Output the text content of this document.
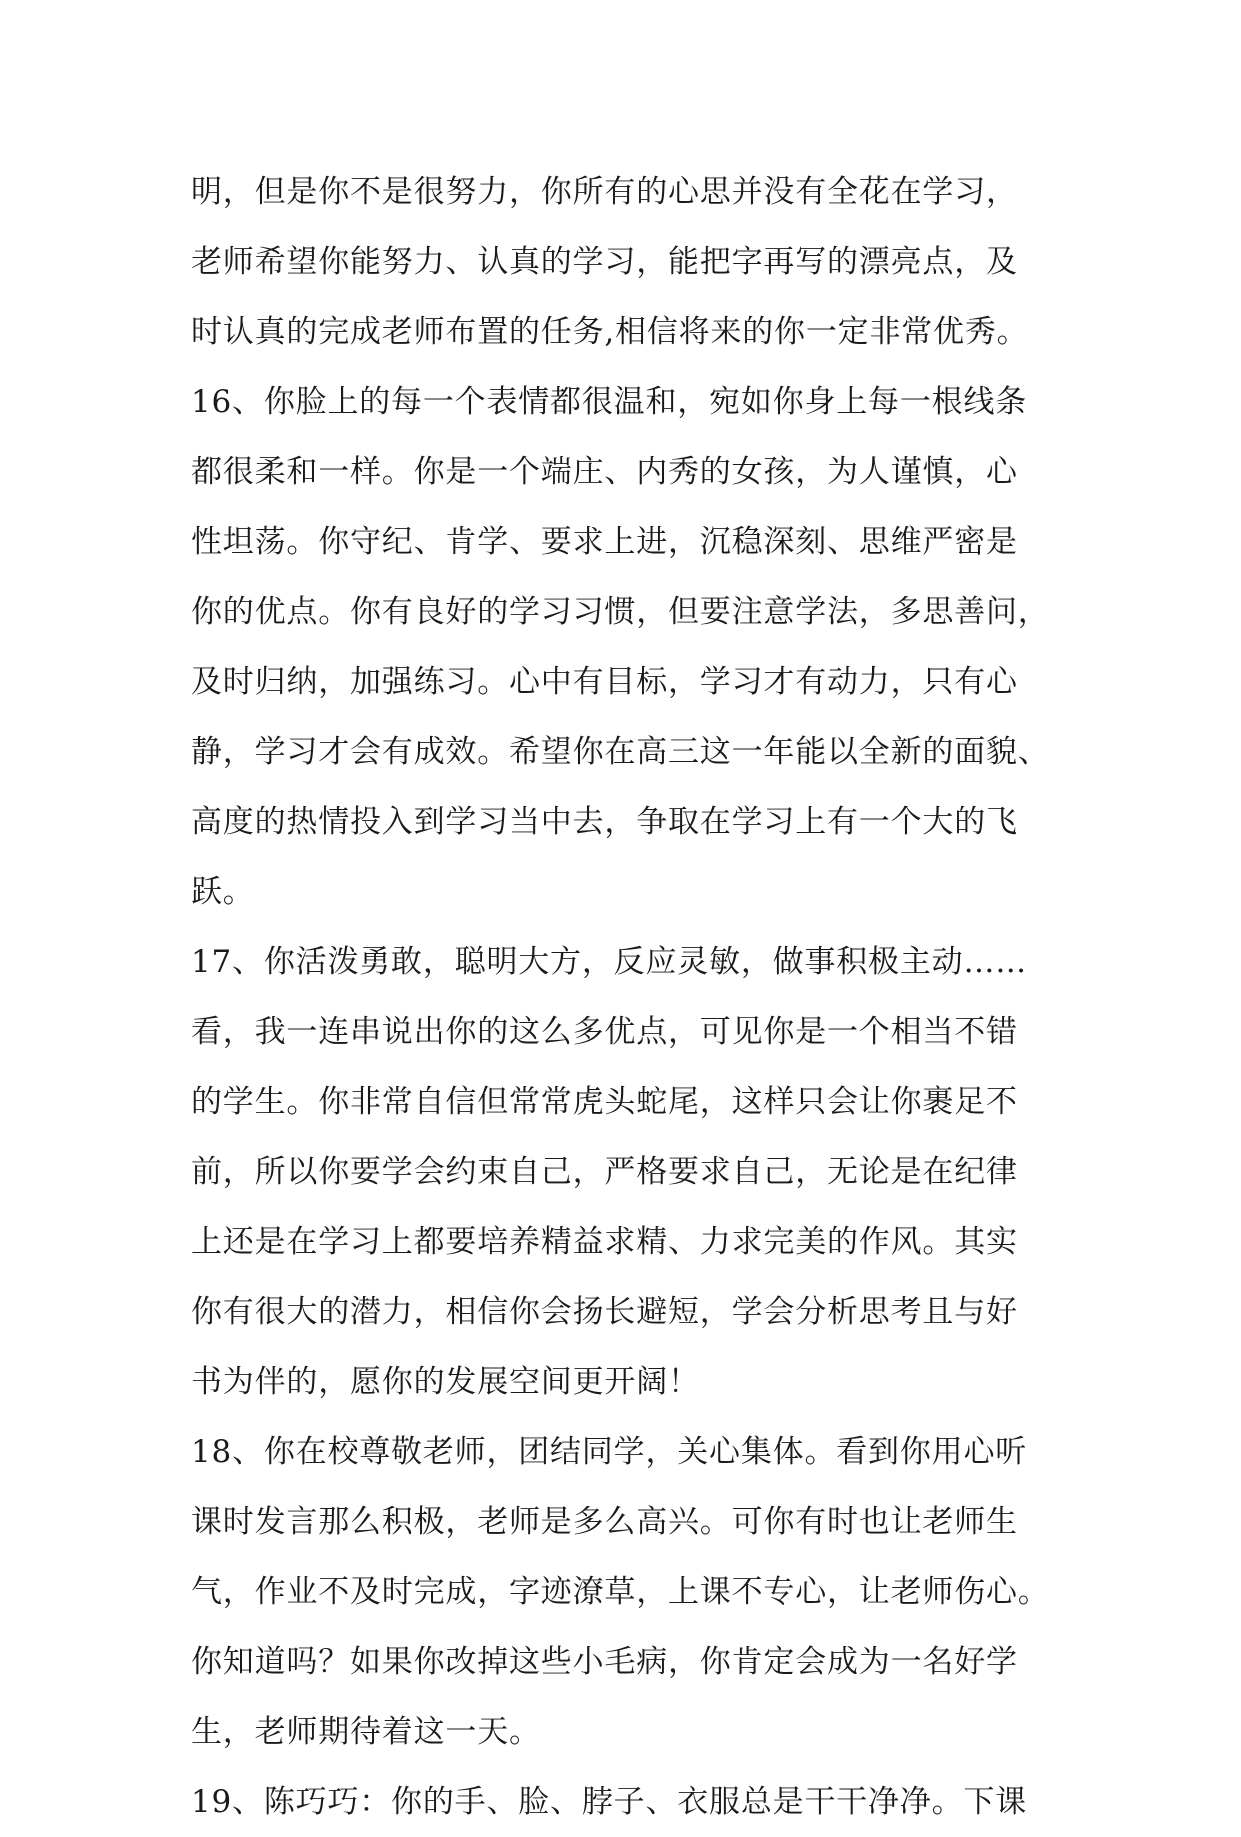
明，但是你不是很努力，你所有的心思并没有全花在学习，
老师希望你能努力、认真的学习，能把字再写的漂亮点，及
时认真的完成老师布置的任务,相信将来的你一定非常优秀。
16、你脸上的每一个表情都很温和，宛如你身上每一根线条
都很柔和一样。你是一个端庄、内秀的女孩，为人谨慎，心
性坦荡。你守纪、肯学、要求上进，沉稳深刻、思维严密是
你的优点。你有良好的学习习惯，但要注意学法，多思善问，
及时归纳，加强练习。心中有目标，学习才有动力，只有心
静，学习才会有成效。希望你在高三这一年能以全新的面貌、
高度的热情投入到学习当中去，争取在学习上有一个大的飞
跃。
17、你活泼勇敢，聪明大方，反应灵敏，做事积极主动……
看，我一连串说出你的这么多优点，可见你是一个相当不错
的学生。你非常自信但常常虎头蛇尾，这样只会让你裹足不
前，所以你要学会约束自己，严格要求自己，无论是在纪律
上还是在学习上都要培养精益求精、力求完美的作风。其实
你有很大的潜力，相信你会扬长避短，学会分析思考且与好
书为伴的，愿你的发展空间更开阔！
18、你在校尊敬老师，团结同学，关心集体。看到你用心听
课时发言那么积极，老师是多么高兴。可你有时也让老师生
气，作业不及时完成，字迹潦草，上课不专心，让老师伤心。
你知道吗？如果你改掉这些小毛病，你肯定会成为一名好学
生，老师期待着这一天。
19、陈巧巧：你的手、脸、脖子、衣服总是干干净净。下课
